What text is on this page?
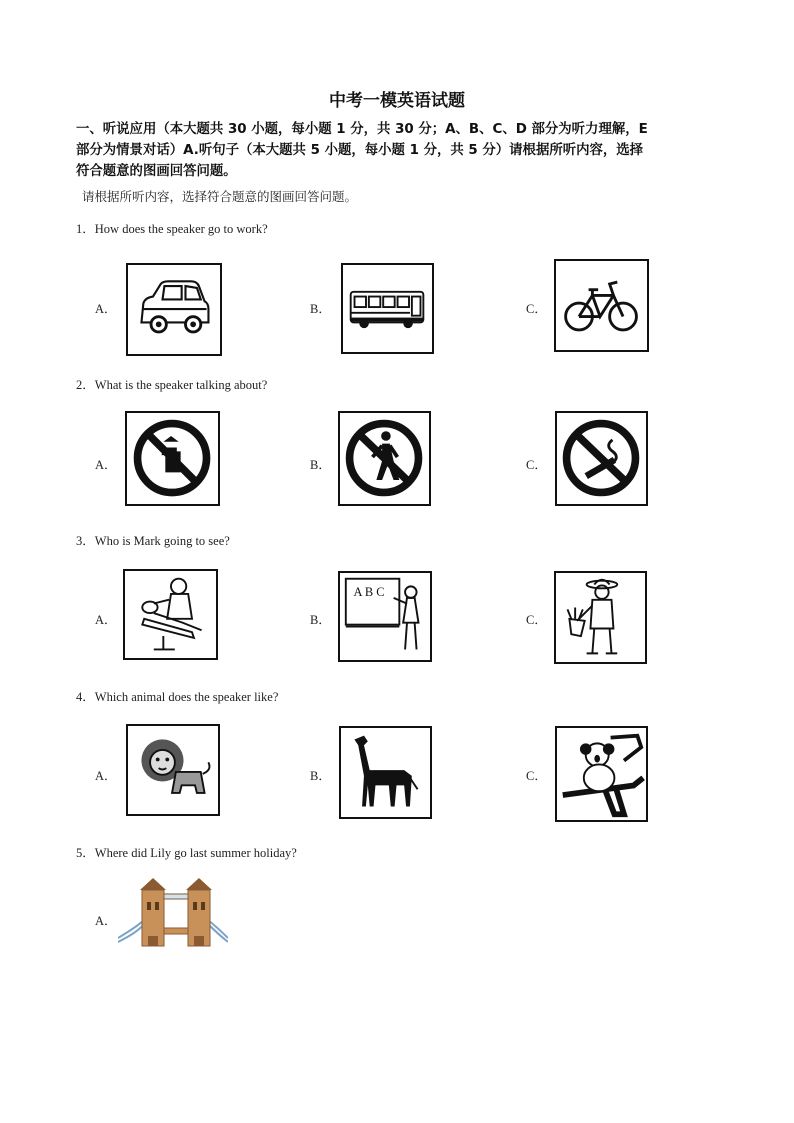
中考一模英语试题
一、听说应用（本大题共 30 小题，每小题 1 分，共 30 分；A、B、C、D 部分为听力理解，E
部分为情景对话）A.听句子（本大题共 5 小题，每小题 1 分，共 5 分）请根据所听内容，选择
符合题意的图画回答问题。
请根据所听内容，选择符合题意的图画回答问题。
1．How does the speaker go to work?
A．	B．	C．
2．What is the speaker talking about?
A．	B．	C．
3．Who is Mark going to see?
A．	B．
A B C
C．
4．Which animal does the speaker like?
A．	B．	C．
5．Where did Lily go last summer holiday?
A．
